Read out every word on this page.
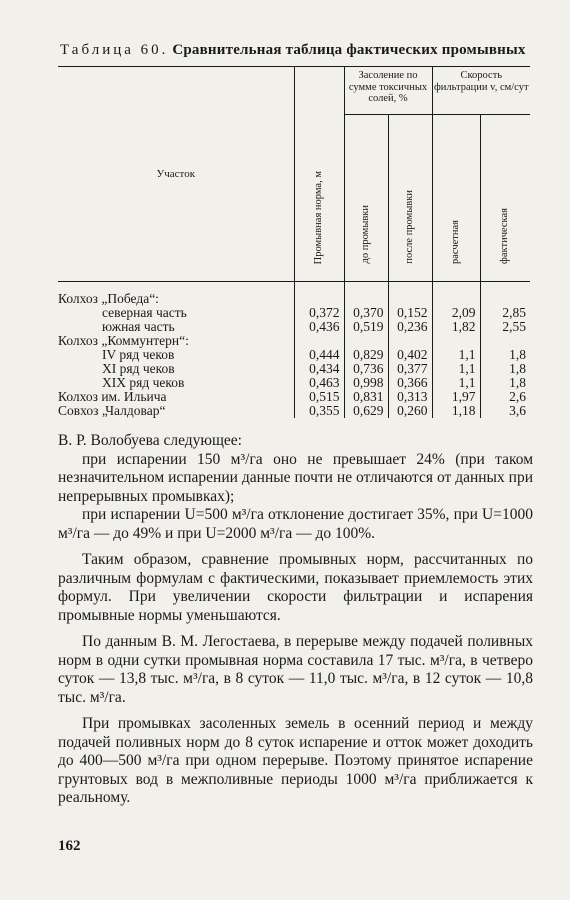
Таблица 60. Сравнительная таблица фактических промывных
Участок	Промывная норма, м	Засоление по сумме токсичных солей, %		Скорость фильтрации v, см/сут	
		до промывки	после промывки	расчетная	фактическая
Колхоз „Победа“:					
северная часть	0,372	0,370	0,152	2,09	2,85
южная часть	0,436	0,519	0,236	1,82	2,55
Колхоз „Коммунтерн“:					
IV ряд чеков	0,444	0,829	0,402	1,1	1,8
XI ряд чеков	0,434	0,736	0,377	1,1	1,8
XIX ряд чеков	0,463	0,998	0,366	1,1	1,8
Колхоз им. Ильича	0,515	0,831	0,313	1,97	2,6
Совхоз „Чалдовар“	0,355	0,629	0,260	1,18	3,6

В. Р. Волобуева следующее:

при испарении 150 м³/га оно не превышает 24% (при таком незначительном испарении данные почти не отличаются от данных при непрерывных промывках);

при испарении U=500 м³/га отклонение достигает 35%, при U=1000 м³/га — до 49% и при U=2000 м³/га — до 100%.

Таким образом, сравнение промывных норм, рассчитанных по различным формулам с фактическими, показывает приемлемость этих формул. При увеличении скорости фильтрации и испарения промывные нормы уменьшаются.

По данным В. М. Легостаева, в перерыве между подачей поливных норм в одни сутки промывная норма составила 17 тыс. м³/га, в четверо суток — 13,8 тыс. м³/га, в 8 суток — 11,0 тыс. м³/га, в 12 суток — 10,8 тыс. м³/га.

При промывках засоленных земель в осенний период и между подачей поливных норм до 8 суток испарение и отток может доходить до 400—500 м³/га при одном перерыве. Поэтому принятое испарение грунтовых вод в межполивные периоды 1000 м³/га приближается к реальному.

162
